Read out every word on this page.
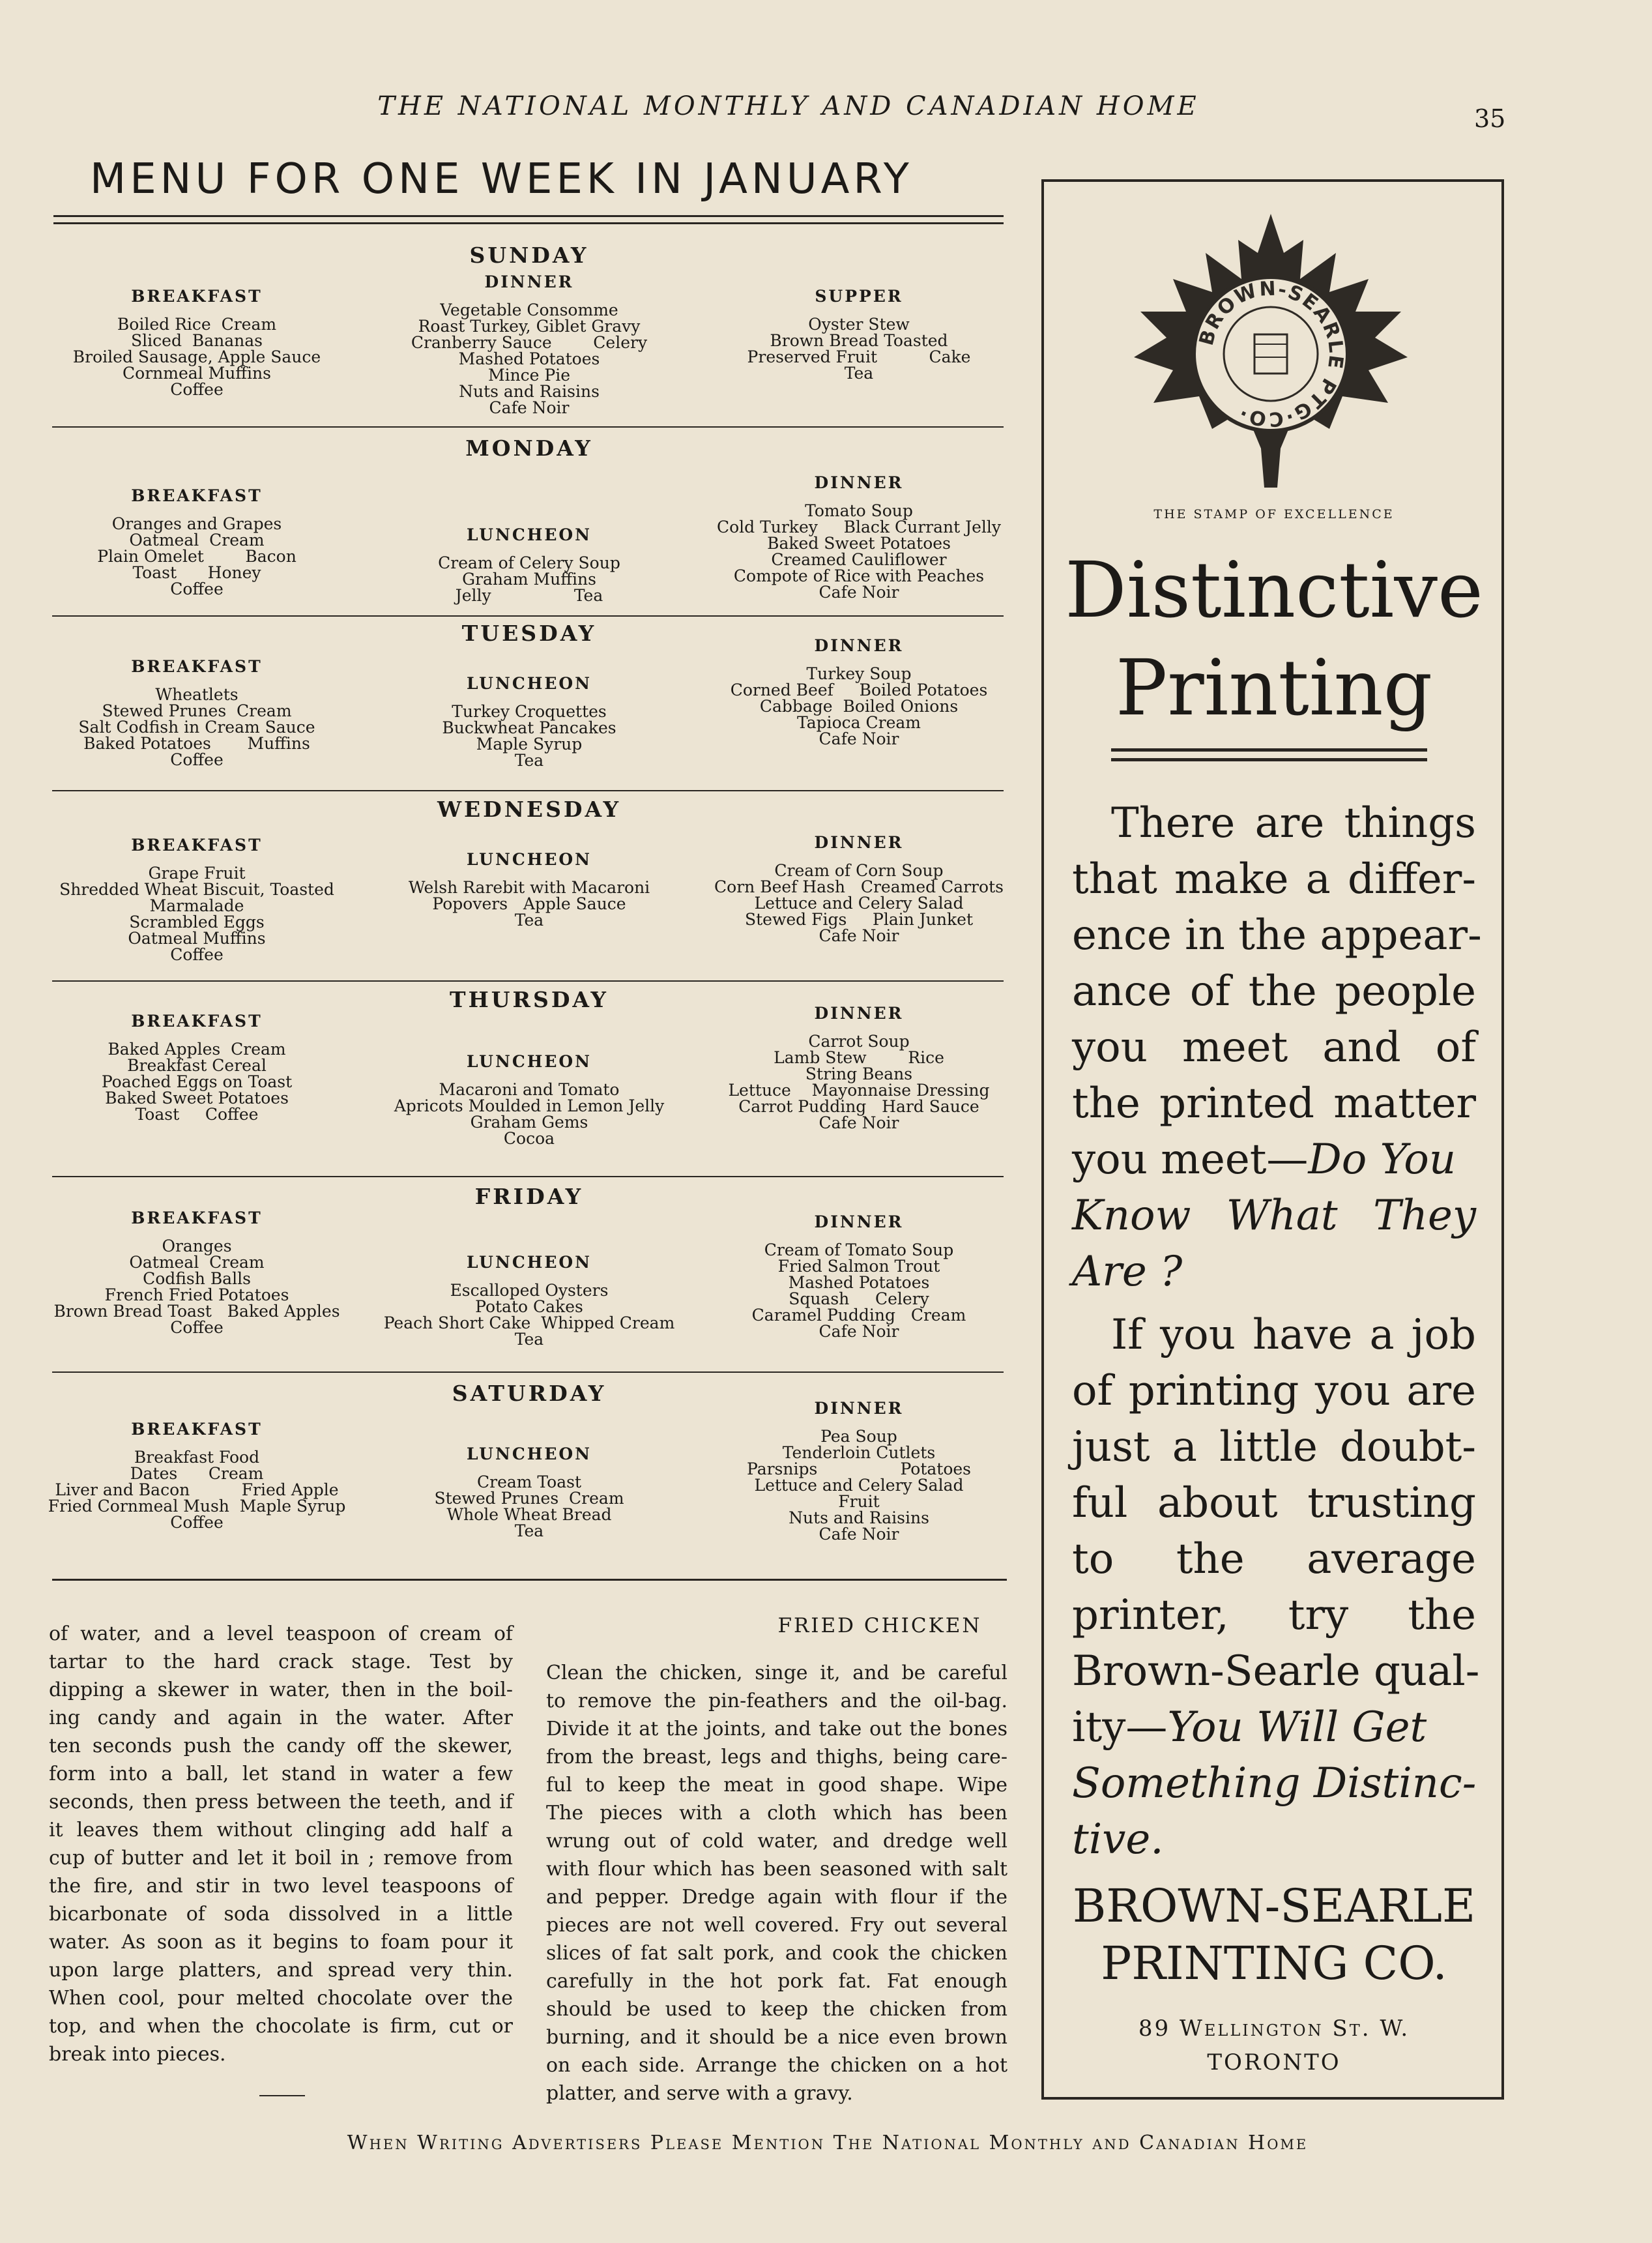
THE NATIONAL MONTHLY AND CANADIAN HOME	35
MENU FOR ONE WEEK IN JANUARY
SUNDAY
BREAKFAST
Boiled Rice  Cream
Sliced  Bananas
Broiled Sausage, Apple Sauce
Cornmeal Muffins
Coffee
DINNER
Vegetable Consomme
Roast Turkey, Giblet Gravy
Cranberry Sauce        Celery
Mashed Potatoes
Mince Pie
Nuts and Raisins
Cafe Noir
SUPPER
Oyster Stew
Brown Bread Toasted
Preserved Fruit          Cake
Tea
MONDAY
BREAKFAST
Oranges and Grapes
Oatmeal  Cream
Plain Omelet        Bacon
Toast      Honey
Coffee
LUNCHEON
Cream of Celery Soup
Graham Muffins
Jelly                Tea
DINNER
Tomato Soup
Cold Turkey     Black Currant Jelly
Baked Sweet Potatoes
Creamed Cauliflower
Compote of Rice with Peaches
Cafe Noir
TUESDAY
BREAKFAST
Wheatlets
Stewed Prunes  Cream
Salt Codfish in Cream Sauce
Baked Potatoes       Muffins
Coffee
LUNCHEON
Turkey Croquettes
Buckwheat Pancakes
Maple Syrup
Tea
DINNER
Turkey Soup
Corned Beef     Boiled Potatoes
Cabbage  Boiled Onions
Tapioca Cream
Cafe Noir
WEDNESDAY
BREAKFAST
Grape Fruit
Shredded Wheat Biscuit, Toasted
Marmalade
Scrambled Eggs
Oatmeal Muffins
Coffee
LUNCHEON
Welsh Rarebit with Macaroni
Popovers   Apple Sauce
Tea
DINNER
Cream of Corn Soup
Corn Beef Hash   Creamed Carrots
Lettuce and Celery Salad
Stewed Figs     Plain Junket
Cafe Noir
THURSDAY
BREAKFAST
Baked Apples  Cream
Breakfast Cereal
Poached Eggs on Toast
Baked Sweet Potatoes
Toast     Coffee
LUNCHEON
Macaroni and Tomato
Apricots Moulded in Lemon Jelly
Graham Gems
Cocoa
DINNER
Carrot Soup
Lamb Stew        Rice
String Beans
Lettuce    Mayonnaise Dressing
Carrot Pudding   Hard Sauce
Cafe Noir
FRIDAY
BREAKFAST
Oranges
Oatmeal  Cream
Codfish Balls
French Fried Potatoes
Brown Bread Toast   Baked Apples
Coffee
LUNCHEON
Escalloped Oysters
Potato Cakes
Peach Short Cake  Whipped Cream
Tea
DINNER
Cream of Tomato Soup
Fried Salmon Trout
Mashed Potatoes
Squash     Celery
Caramel Pudding   Cream
Cafe Noir
SATURDAY
BREAKFAST
Breakfast Food
Dates      Cream
Liver and Bacon          Fried Apple
Fried Cornmeal Mush  Maple Syrup
Coffee
LUNCHEON
Cream Toast
Stewed Prunes  Cream
Whole Wheat Bread
Tea
DINNER
Pea Soup
Tenderloin Cutlets
Parsnips                Potatoes
Lettuce and Celery Salad
Fruit
Nuts and Raisins
Cafe Noir
of water, and a level teaspoon of cream of
tartar to the hard crack stage. Test by
dipping a skewer in water, then in the boil-
ing candy and again in the water. After
ten seconds push the candy off the skewer,
form into a ball, let stand in water a few
seconds, then press between the teeth, and if
it leaves them without clinging add half a
cup of butter and let it boil in ; remove from
the fire, and stir in two level teaspoons of
bicarbonate of soda dissolved in a little
water. As soon as it begins to foam pour it
upon large platters, and spread very thin.
When cool, pour melted chocolate over the
top, and when the chocolate is firm, cut or
break into pieces.
FRIED CHICKEN
Clean the chicken, singe it, and be careful
to remove the pin-feathers and the oil-bag.
Divide it at the joints, and take out the bones
from the breast, legs and thighs, being care-
ful to keep the meat in good shape. Wipe
The pieces with a cloth which has been
wrung out of cold water, and dredge well
with flour which has been seasoned with salt
and pepper. Dredge again with flour if the
pieces are not well covered. Fry out several
slices of fat salt pork, and cook the chicken
carefully in the hot pork fat. Fat enough
should be used to keep the chicken from
burning, and it should be a nice even brown
on each side. Arrange the chicken on a hot
platter, and serve with a gravy.
When Writing Advertisers Please Mention The National Monthly and Canadian Home
BROWN-SEARLE PTG·CO·
THE STAMP OF EXCELLENCE
Distinctive
Printing
There are things
that make a differ-
ence in the appear-
ance of the people
you meet and of
the printed matter
you meet—Do You
Know What They
Are ?
If you have a job
of printing you are
just a little doubt-
ful about trusting
to the average
printer, try the
Brown-Searle qual-
ity—You Will Get
Something Distinc-
tive.
BROWN-SEARLE
PRINTING CO.
89 Wellington St. W.
TORONTO
